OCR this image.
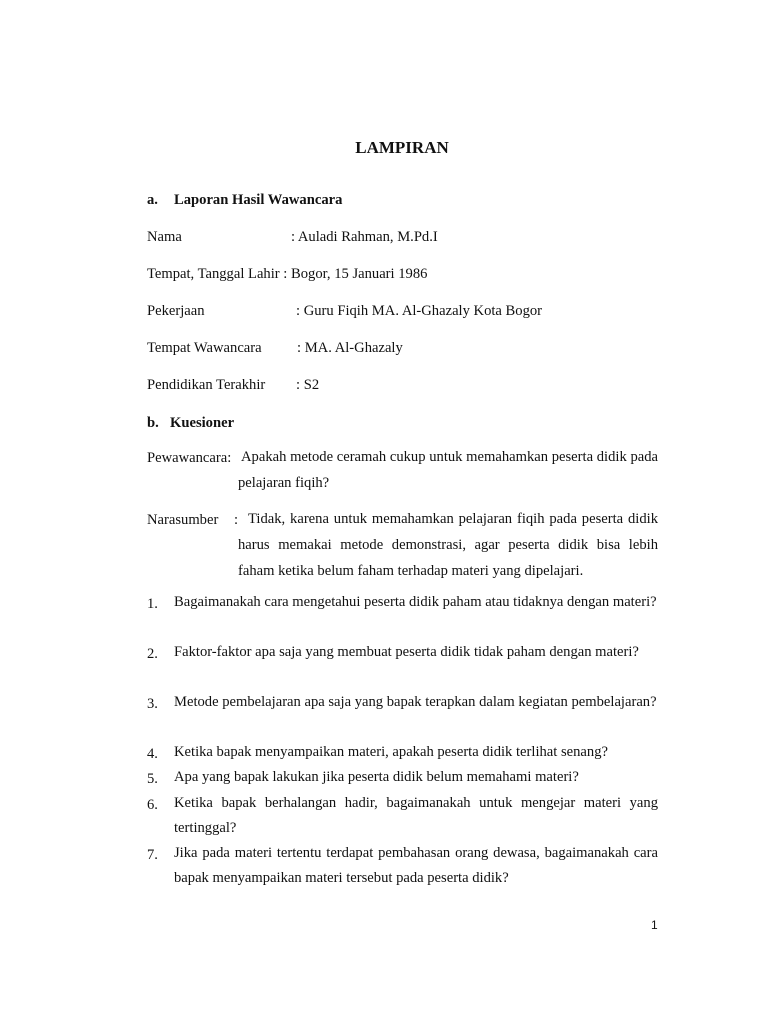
LAMPIRAN
a. Laporan Hasil Wawancara
Nama	: Auladi Rahman, M.Pd.I
Tempat, Tanggal Lahir : Bogor, 15 Januari 1986
Pekerjaan	: Guru Fiqih MA. Al-Ghazaly Kota Bogor
Tempat Wawancara : MA. Al-Ghazaly
Pendidikan Terakhir : S2
b. Kuesioner
Pewawancara: Apakah metode ceramah cukup untuk memahamkan peserta didik pada pelajaran fiqih?
Narasumber : Tidak, karena untuk memahamkan pelajaran fiqih pada peserta didik harus memakai metode demonstrasi, agar peserta didik bisa lebih faham ketika belum faham terhadap materi yang dipelajari.
1. Bagaimanakah cara mengetahui peserta didik paham atau tidaknya dengan materi?
2. Faktor-faktor apa saja yang membuat peserta didik tidak paham dengan materi?
3. Metode pembelajaran apa saja yang bapak terapkan dalam kegiatan pembelajaran?
4. Ketika bapak menyampaikan materi, apakah peserta didik terlihat senang?
5. Apa yang bapak lakukan jika peserta didik belum memahami materi?
6. Ketika bapak berhalangan hadir, bagaimanakah untuk mengejar materi yang tertinggal?
7. Jika pada materi tertentu terdapat pembahasan orang dewasa, bagaimanakah cara bapak menyampaikan materi tersebut pada peserta didik?
1
